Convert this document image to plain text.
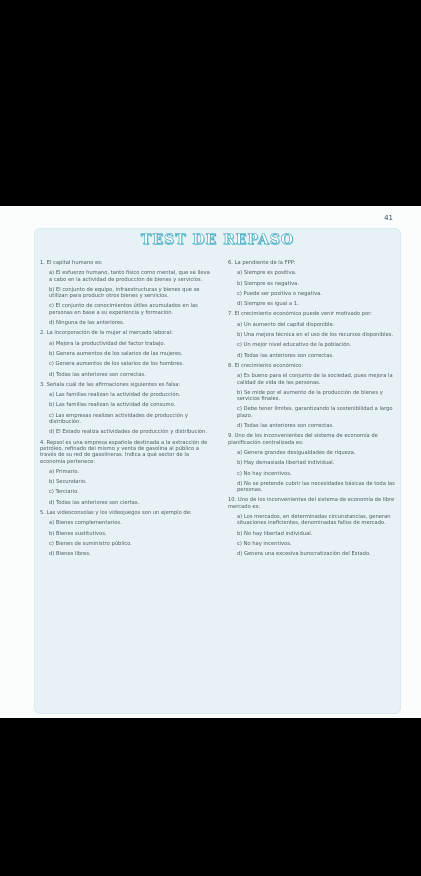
41
TEST DE REPASO

1. El capital humano es:

a) El esfuerzo humano, tanto físico como mental, que se lleva a cabo en la actividad de producción de bienes y servicios.

b) El conjunto de equipo, infraestructuras y bienes que se utilizan para producir otros bienes y servicios.

c) El conjunto de conocimientos útiles acumulados en las personas en base a su experiencia y formación.

d) Ninguna de las anteriores.

2. La incorporación de la mujer al mercado laboral:

a) Mejora la productividad del factor trabajo.

b) Genera aumentos de los salarios de las mujeres.

c) Genera aumentos de los salarios de los hombres.

d) Todas las anteriores son correctas.

3. Señala cuál de las afirmaciones siguientes es falsa:

a) Las familias realizan la actividad de producción.

b) Las familias realizan la actividad de consumo.

c) Las empresas realizan actividades de producción y distribución.

d) El Estado realiza actividades de producción y distribución.

4. Repsol es una empresa española destinada a la extracción de petróleo, refinado del mismo y venta de gasolina al público a través de su red de gasolineras. Indica a qué sector de la economía pertenece:

a) Primario.

b) Secundario.

c) Terciario.

d) Todas las anteriores son ciertas.

5. Las videoconsolas y los videojuegos son un ejemplo de:

a) Bienes complementarios.

b) Bienes sustitutivos.

c) Bienes de suministro público.

d) Bienes libres.

6. La pendiente de la FPP:

a) Siempre es positiva.

b) Siempre es negativa.

c) Puede ser positiva o negativa.

d) Siempre es igual a 1.

7. El crecimiento económico puede venir motivado por:

a) Un aumento del capital disponible.

b) Una mejora técnica en el uso de los recursos disponibles.

c) Un mejor nivel educativo de la población.

d) Todas las anteriores son correctas.

8. El crecimiento económico:

a) Es bueno para el conjunto de la sociedad, pues mejora la calidad de vida de las personas.

b) Se mide por el aumento de la producción de bienes y servicios finales.

c) Debe tener límites, garantizando la sostenibilidad a largo plazo.

d) Todas las anteriores son correctas.

9. Uno de los inconvenientes del sistema de economía de planificación centralizada es:

a) Genera grandes desigualdades de riqueza.

b) Hay demasiada libertad individual.

c) No hay incentivos.

d) No se pretende cubrir las necesidades básicas de toda las personas.

10. Uno de los inconvenientes del sistema de economía de libre mercado es:

a) Los mercados, en determinadas circunstancias, generan situaciones ineficientes, denominadas fallos de mercado.

b) No hay libertad individual.

c) No hay incentivos.

d) Genera una excesiva burocratización del Estado.
